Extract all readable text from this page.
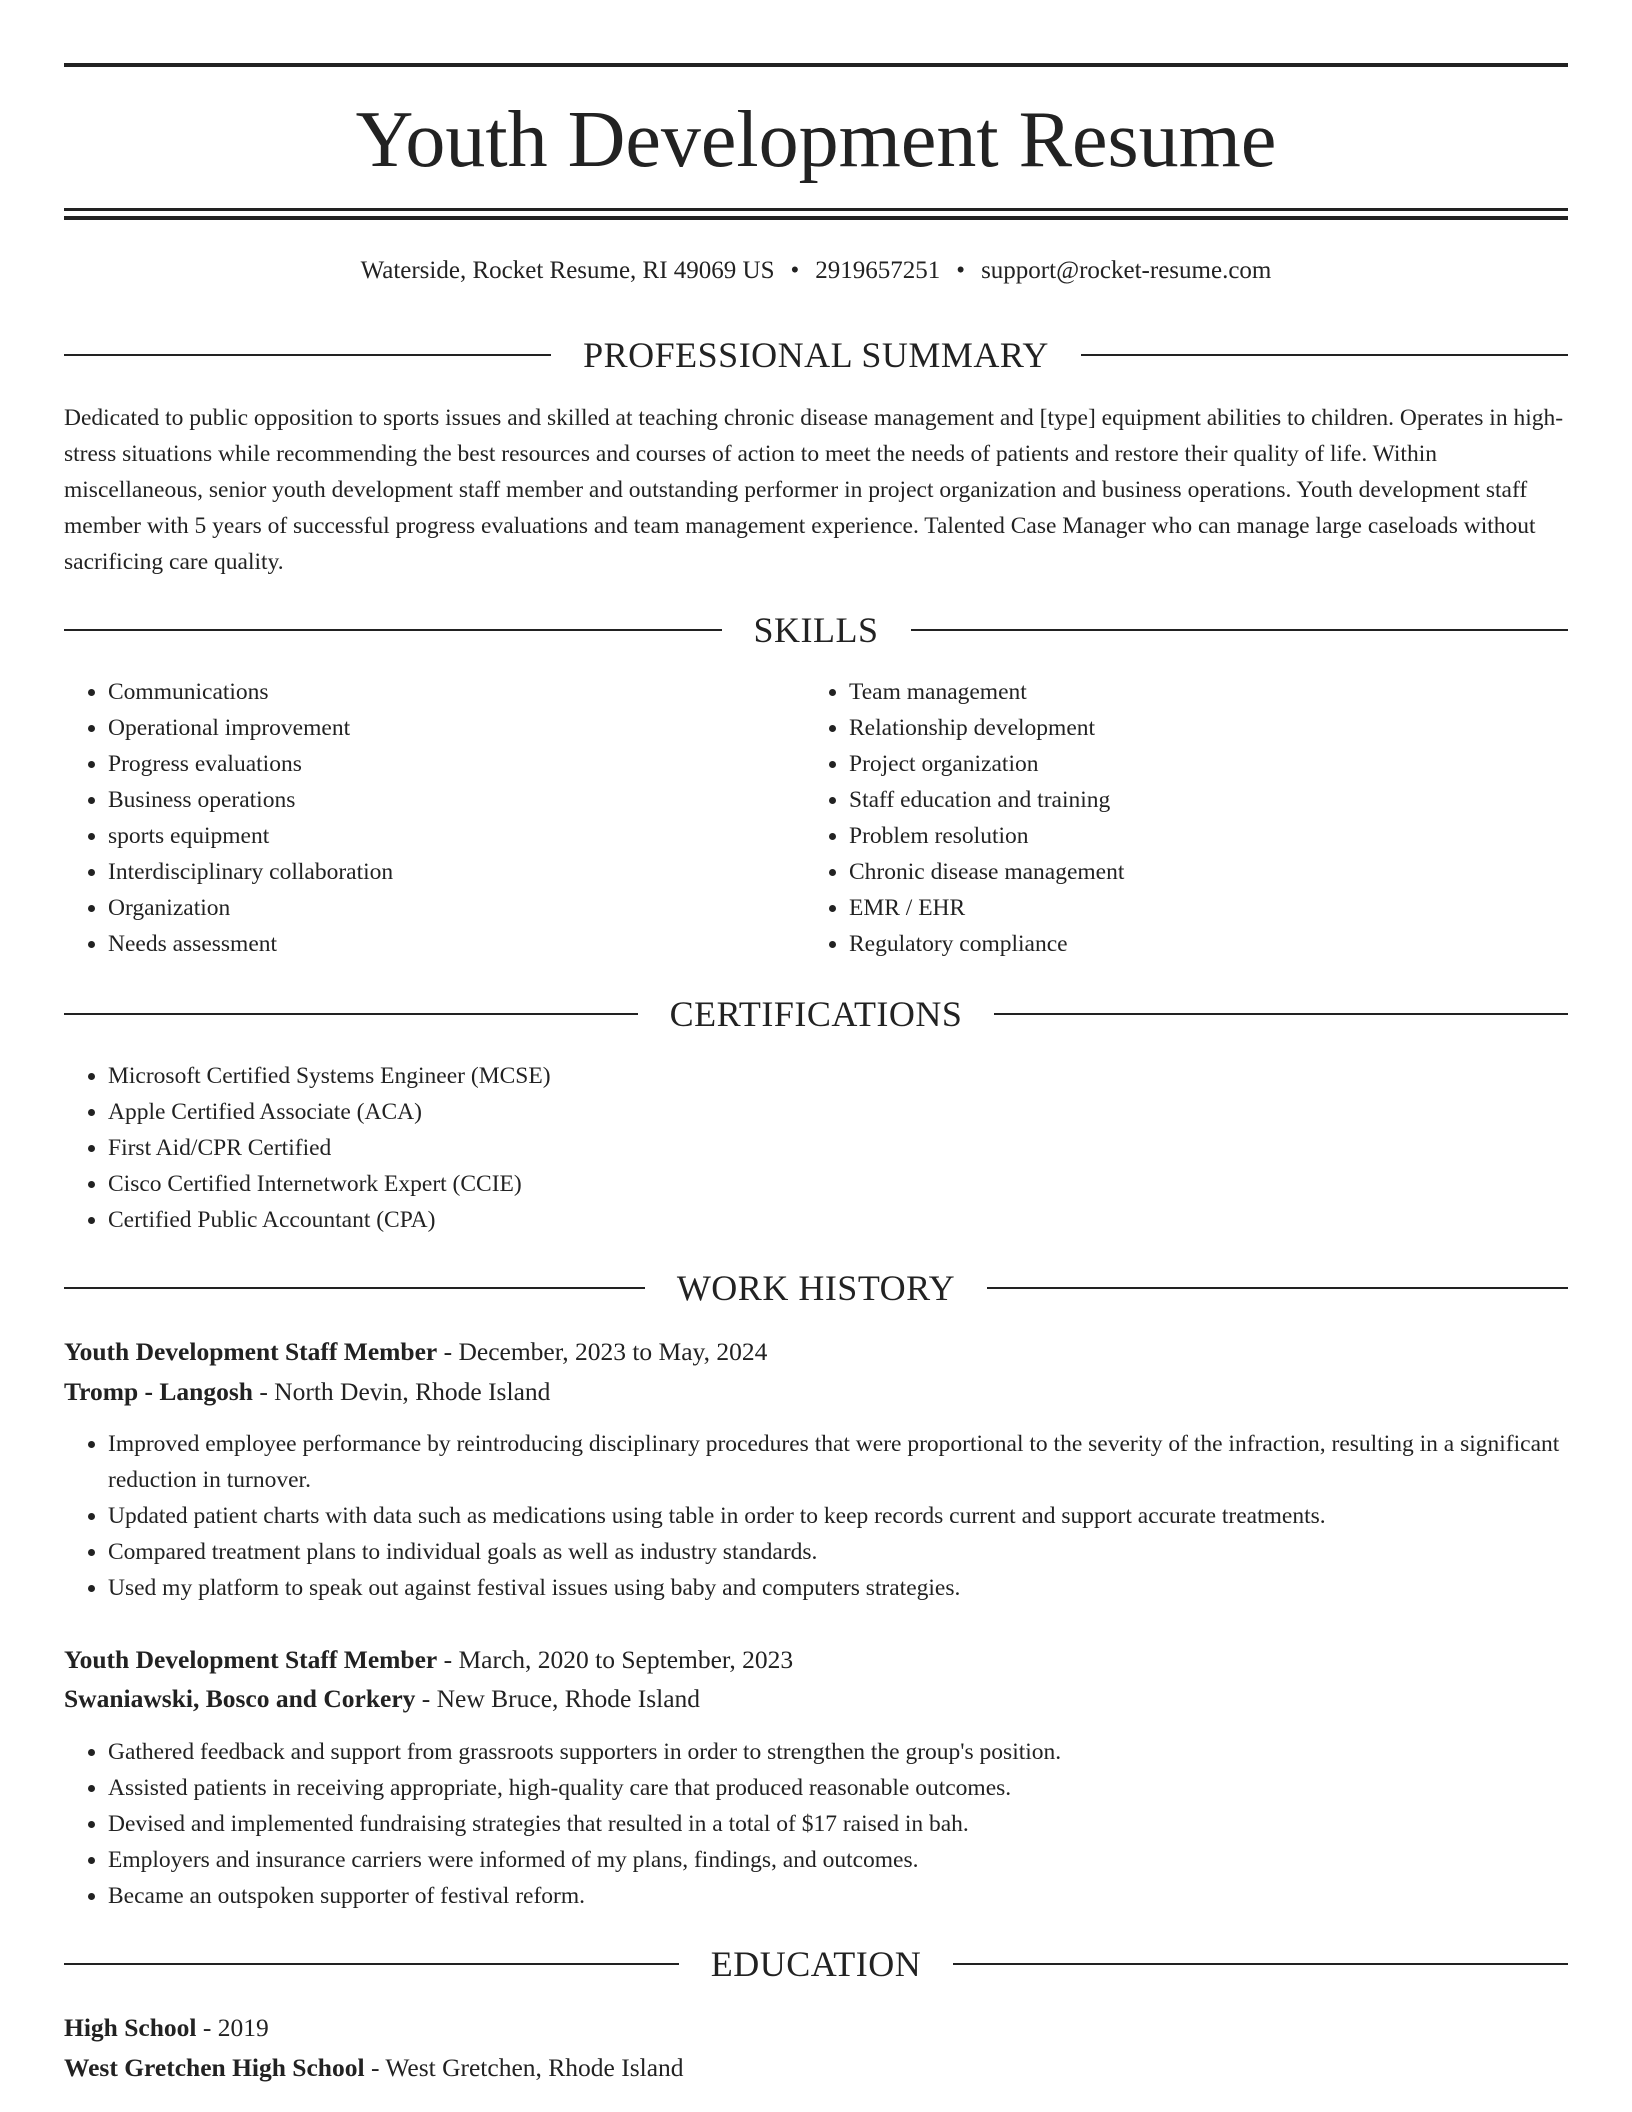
Youth Development Resume
Waterside, Rocket Resume, RI 49069 US • 2919657251 • support@rocket-resume.com
PROFESSIONAL SUMMARY

Dedicated to public opposition to sports issues and skilled at teaching chronic disease management and [type] equipment abilities to children. Operates in high-stress situations while recommending the best resources and courses of action to meet the needs of patients and restore their quality of life. Within miscellaneous, senior youth development staff member and outstanding performer in project organization and business operations. Youth development staff member with 5 years of successful progress evaluations and team management experience. Talented Case Manager who can manage large caseloads without sacrificing care quality.

SKILLS
• Communications
• Operational improvement
• Progress evaluations
• Business operations
• sports equipment
• Interdisciplinary collaboration
• Organization
• Needs assessment
• Team management
• Relationship development
• Project organization
• Staff education and training
• Problem resolution
• Chronic disease management
• EMR / EHR
• Regulatory compliance
CERTIFICATIONS
• Microsoft Certified Systems Engineer (MCSE)
• Apple Certified Associate (ACA)
• First Aid/CPR Certified
• Cisco Certified Internetwork Expert (CCIE)
• Certified Public Accountant (CPA)
WORK HISTORY
Youth Development Staff Member - December, 2023 to May, 2024
Tromp - Langosh - North Devin, Rhode Island
• Improved employee performance by reintroducing disciplinary procedures that were proportional to the severity of the infraction, resulting in a significant reduction in turnover.
• Updated patient charts with data such as medications using table in order to keep records current and support accurate treatments.
• Compared treatment plans to individual goals as well as industry standards.
• Used my platform to speak out against festival issues using baby and computers strategies.
Youth Development Staff Member - March, 2020 to September, 2023
Swaniawski, Bosco and Corkery - New Bruce, Rhode Island
• Gathered feedback and support from grassroots supporters in order to strengthen the group's position.
• Assisted patients in receiving appropriate, high-quality care that produced reasonable outcomes.
• Devised and implemented fundraising strategies that resulted in a total of $17 raised in bah.
• Employers and insurance carriers were informed of my plans, findings, and outcomes.
• Became an outspoken supporter of festival reform.
EDUCATION
High School - 2019
West Gretchen High School - West Gretchen, Rhode Island
